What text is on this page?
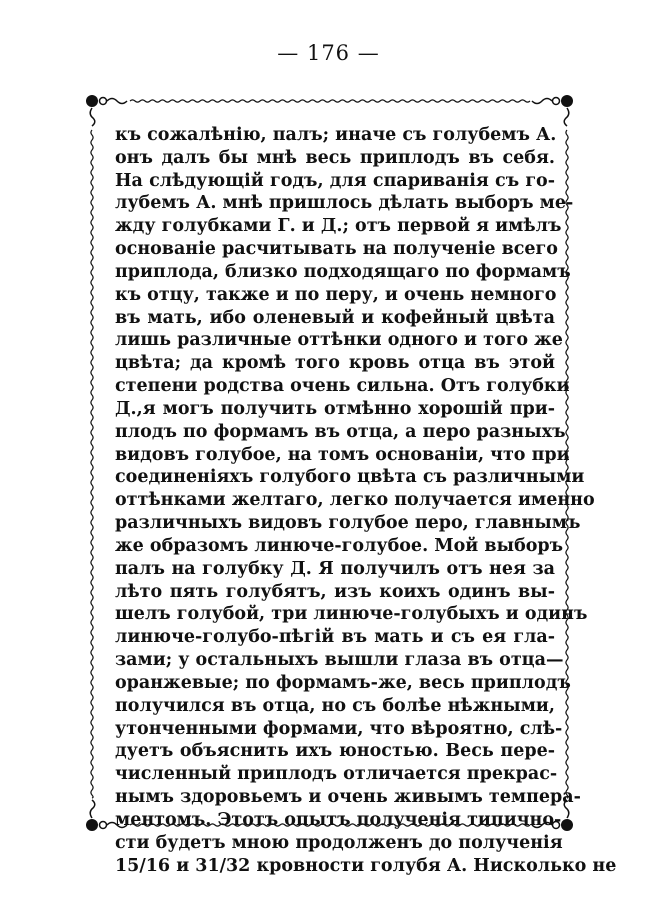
— 176 —
къ сожалѣнію, палъ; иначе съ голубемъ А.
онъ далъ бы мнѣ весь приплодъ въ себя.
На слѣдующій годъ, для спариванія съ го-
лубемъ А. мнѣ пришлось дѣлать выборъ ме-
жду голубками Г. и Д.; отъ первой я имѣлъ
основаніе расчитывать на полученіе всего
приплода, близко подходящаго по формамъ
къ отцу, также и по перу, и очень немного
въ мать, ибо оленевый и кофейный цвѣта
лишь различные оттѣнки одного и того же
цвѣта; да кромѣ того кровь отца въ этой
степени родства очень сильна. Отъ голубки
Д.,я могъ получить отмѣнно хорошій при-
плодъ по формамъ въ отца, а перо разныхъ
видовъ голубое, на томъ основаніи, что при
соединеніяхъ голубого цвѣта съ различными
оттѣнками желтаго, легко получается именно
различныхъ видовъ голубое перо, главнымъ
же образомъ линюче-голубое. Мой выборъ
палъ на голубку Д. Я получилъ отъ нея за
лѣто пять голубятъ, изъ коихъ одинъ вы-
шелъ голубой, три линюче-голубыхъ и одинъ
линюче-голубо-пѣгій въ мать и съ ея гла-
зами; у остальныхъ вышли глаза въ отца—
оранжевые; по формамъ-же, весь приплодъ
получился въ отца, но съ болѣе нѣжными,
утонченными формами, что вѣроятно, слѣ-
дуетъ объяснить ихъ юностью. Весь пере-
численный приплодъ отличается прекрас-
нымъ здоровьемъ и очень живымъ темпера-
ментомъ. Этотъ опытъ полученія типично-
сти будетъ мною продолженъ до полученія
15/16 и 31/32 кровности голубя А. Нисколько не
